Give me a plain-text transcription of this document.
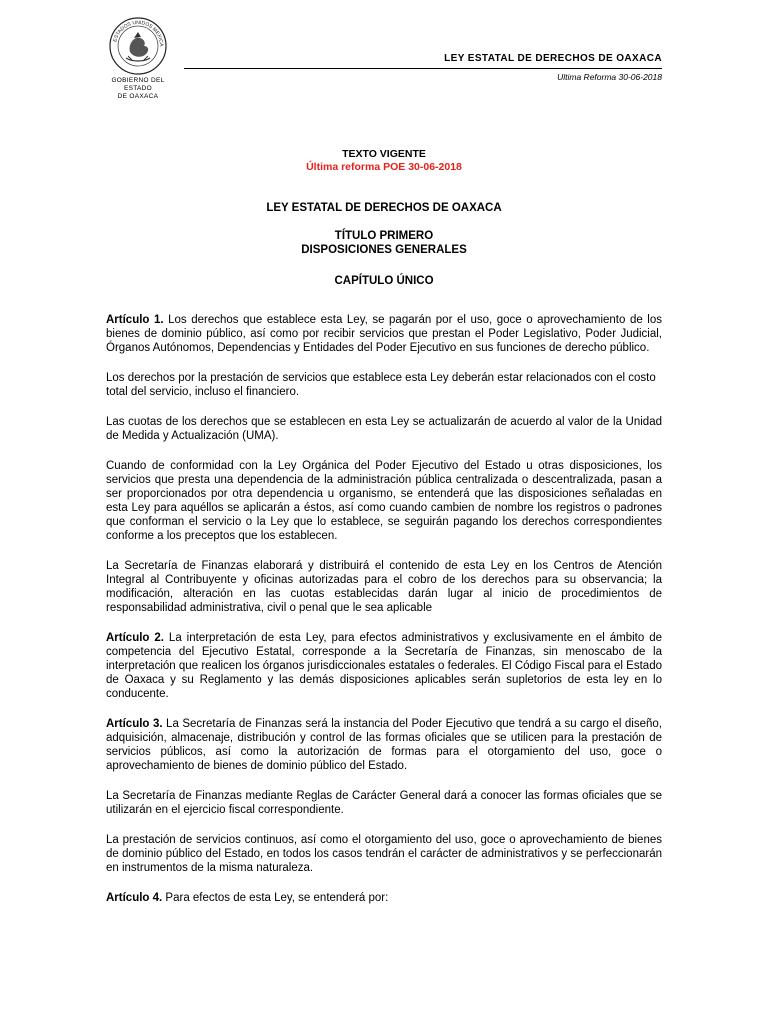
ESTADOS UNIDOS MEXICA
GOBIERNO DEL ESTADO
DE OAXACA
LEY ESTATAL DE DERECHOS DE OAXACA
Ultima Reforma 30-06-2018
TEXTO VIGENTE
Última reforma POE 30-06-2018
LEY ESTATAL DE DERECHOS DE OAXACA
TÍTULO PRIMERO
DISPOSICIONES GENERALES
CAPÍTULO ÚNICO

Artículo 1. Los derechos que establece esta Ley, se pagarán por el uso, goce o aprovechamiento de los bienes de dominio público, así como por recibir servicios que prestan el Poder Legislativo, Poder Judicial, Órganos Autónomos, Dependencias y Entidades del Poder Ejecutivo en sus funciones de derecho público.

Los derechos por la prestación de servicios que establece esta Ley deberán estar relacionados con el costo total del servicio, incluso el financiero.

Las cuotas de los derechos que se establecen en esta Ley se actualizarán de acuerdo al valor de la Unidad de Medida y Actualización (UMA).

Cuando de conformidad con la Ley Orgánica del Poder Ejecutivo del Estado u otras disposiciones, los servicios que presta una dependencia de la administración pública centralizada o descentralizada, pasan a ser proporcionados por otra dependencia u organismo, se entenderá que las disposiciones señaladas en esta Ley para aquéllos se aplicarán a éstos, así como cuando cambien de nombre los registros o padrones que conforman el servicio o la Ley que lo establece, se seguirán pagando los derechos correspondientes conforme a los preceptos que los establecen.

La Secretaría de Finanzas elaborará y distribuirá el contenido de esta Ley en los Centros de Atención Integral al Contribuyente y oficinas autorizadas para el cobro de los derechos para su observancia; la modificación, alteración en las cuotas establecidas darán lugar al inicio de procedimientos de responsabilidad administrativa, civil o penal que le sea aplicable

Artículo 2. La interpretación de esta Ley, para efectos administrativos y exclusivamente en el ámbito de competencia del Ejecutivo Estatal, corresponde a la Secretaría de Finanzas, sin menoscabo de la interpretación que realicen los órganos jurisdiccionales estatales o federales. El Código Fiscal para el Estado de Oaxaca y su Reglamento y las demás disposiciones aplicables serán supletorios de esta ley en lo conducente.

Artículo 3. La Secretaría de Finanzas será la instancia del Poder Ejecutivo que tendrá a su cargo el diseño, adquisición, almacenaje, distribución y control de las formas oficiales que se utilicen para la prestación de servicios públicos, así como la autorización de formas para el otorgamiento del uso, goce o aprovechamiento de bienes de dominio público del Estado.

La Secretaría de Finanzas mediante Reglas de Carácter General dará a conocer las formas oficiales que se utilizarán en el ejercicio fiscal correspondiente.

La prestación de servicios continuos, así como el otorgamiento del uso, goce o aprovechamiento de bienes de dominio público del Estado, en todos los casos tendrán el carácter de administrativos y se perfeccionarán en instrumentos de la misma naturaleza.

Artículo 4. Para efectos de esta Ley, se entenderá por:
